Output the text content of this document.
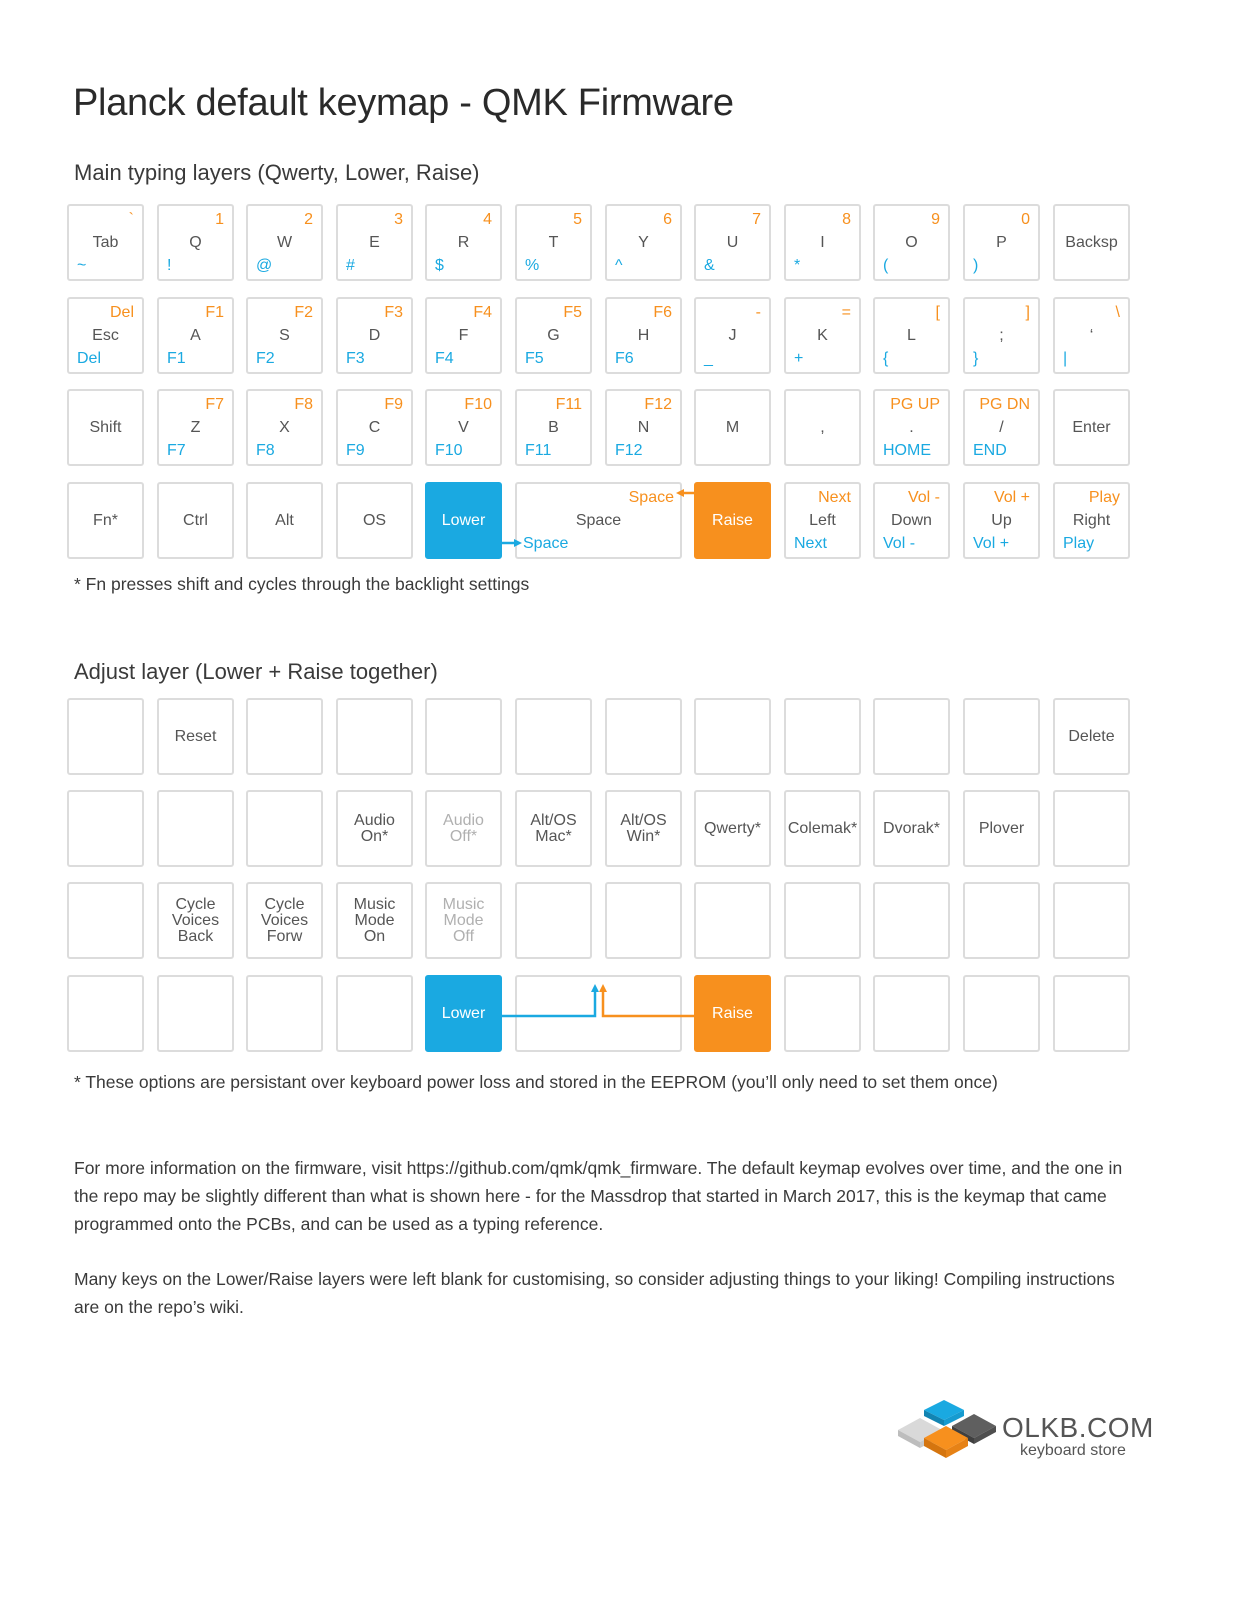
Planck default keymap - QMK Firmware
Main typing layers (Qwerty, Lower, Raise)
Fn*	Ctrl	Alt	OS	Lower	Space
Space
Space
Raise	Left
Next
Next
Down
Vol -
Vol -
Up
Vol +
Vol +
Right
Play
Play
Tab
`
~
Q
1
!
W
2
@
E
3
#
R
4
$
T
5
%
Y
6
^
U
7
&
I
8
*
O
9
(
P
0
)
Backsp
Esc
Del
Del
A
F1
F1
S
F2
F2
D
F3
F3
F
F4
F4
G
F5
F5
H
F6
F6
J
-
_
K
=
+
L
[
{
;
]
}
‘
\
|
Shift	Z
F7
F7
X
F8
F8
C
F9
F9
V
F10
F10
B
F11
F11
N
F12
F12
M	,	.
PG UP
HOME
/
PG DN
END
Enter
* Fn presses shift and cycles through the backlight settings
Adjust layer (Lower + Raise together)
Reset	Delete
Audio
On*
Audio
Off*
Alt/OS
Mac*
Alt/OS
Win*	Qwerty*	Colemak*	Dvorak*	Plover
Cycle
Voices
Back
Cycle
Voices
Forw
Music
Mode
On
Music
Mode
Off
Lower	Raise
* These options are persistant over keyboard power loss and stored in the EEPROM (you’ll only need to set them once)

For more information on the firmware, visit https://github.com/qmk/qmk_firmware. The default keymap evolves over time, and the one in the repo may be slightly different than what is shown here - for the Massdrop that started in March 2017, this is the keymap that came programmed onto the PCBs, and can be used as a typing reference.

Many keys on the Lower/Raise layers were left blank for customising, so consider adjusting things to your liking! Compiling instructions are on the repo’s wiki.

OLKB.COM
keyboard store
